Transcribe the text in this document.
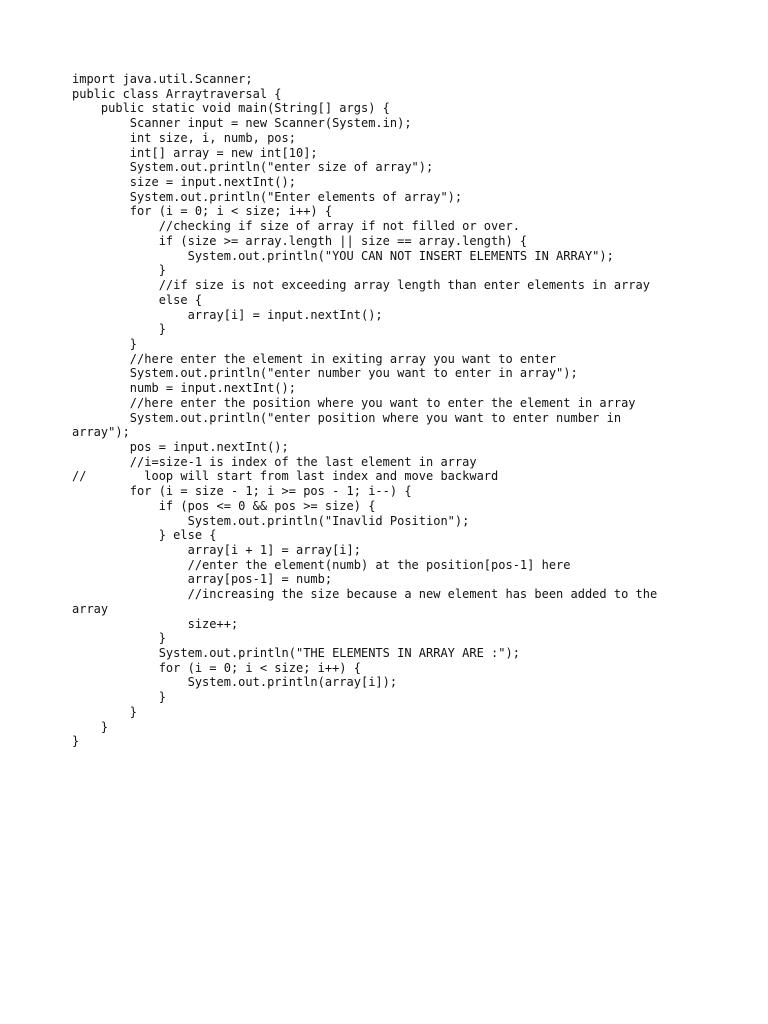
import java.util.Scanner;
public class Arraytraversal {
public static void main(String[] args) {
Scanner input = new Scanner(System.in);
int size, i, numb, pos;
int[] array = new int[10];
System.out.println("enter size of array");
size = input.nextInt();
System.out.println("Enter elements of array");
for (i = 0; i < size; i++) {
//checking if size of array if not filled or over.
if (size >= array.length || size == array.length) {
System.out.println("YOU CAN NOT INSERT ELEMENTS IN ARRAY");
}
//if size is not exceeding array length than enter elements in array
else {
array[i] = input.nextInt();
}
}
//here enter the element in exiting array you want to enter
System.out.println("enter number you want to enter in array");
numb = input.nextInt();
//here enter the position where you want to enter the element in array
System.out.println("enter position where you want to enter number in
array");
pos = input.nextInt();
//i=size-1 is index of the last element in array
//        loop will start from last index and move backward
for (i = size - 1; i >= pos - 1; i--) {
if (pos <= 0 && pos >= size) {
System.out.println("Inavlid Position");
} else {
array[i + 1] = array[i];
//enter the element(numb) at the position[pos-1] here
array[pos-1] = numb;
//increasing the size because a new element has been added to the
array
size++;
}
System.out.println("THE ELEMENTS IN ARRAY ARE :");
for (i = 0; i < size; i++) {
System.out.println(array[i]);
}
}
}
}
